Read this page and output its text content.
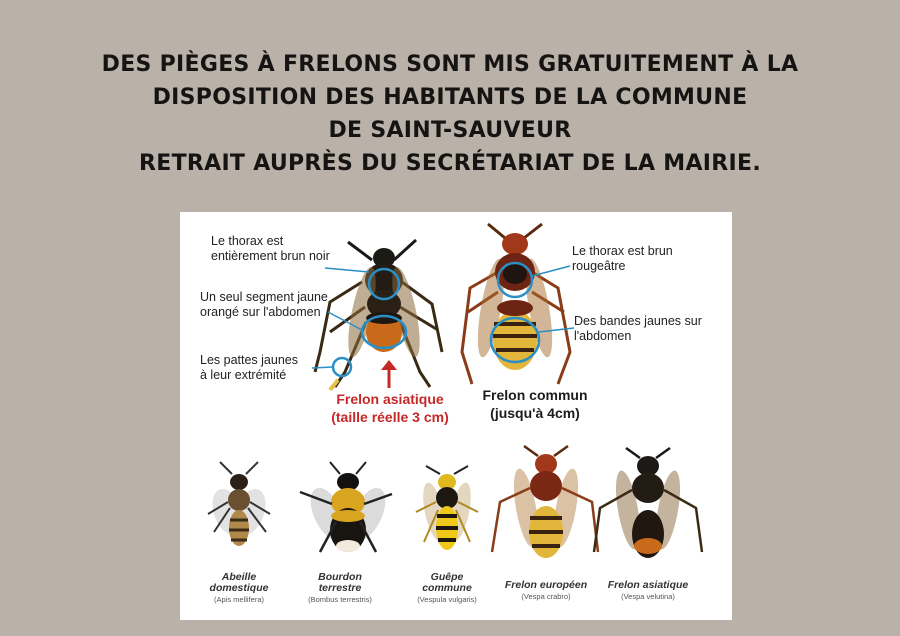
DES PIÈGES À FRELONS SONT MIS GRATUITEMENT À LA
DISPOSITION DES HABITANTS DE LA COMMUNE
DE SAINT-SAUVEUR
RETRAIT AUPRÈS DU SECRÉTARIAT DE LA MAIRIE.
Le thorax est
entièrement brun noir
Un seul segment jaune
orangé sur l'abdomen
Les pattes jaunes
à leur extrémité
Le thorax est brun
rougeâtre
Des bandes jaunes sur
l'abdomen
Frelon asiatique
(taille réelle 3 cm)
Frelon commun
(jusqu'à 4cm)
Abeille
domestique
(Apis mellifera)
Bourdon
terrestre
(Bombus terrestris)
Guêpe
commune
(Vespula vulgaris)
Frelon européen
(Vespa crabro)
Frelon asiatique
(Vespa velutina)
